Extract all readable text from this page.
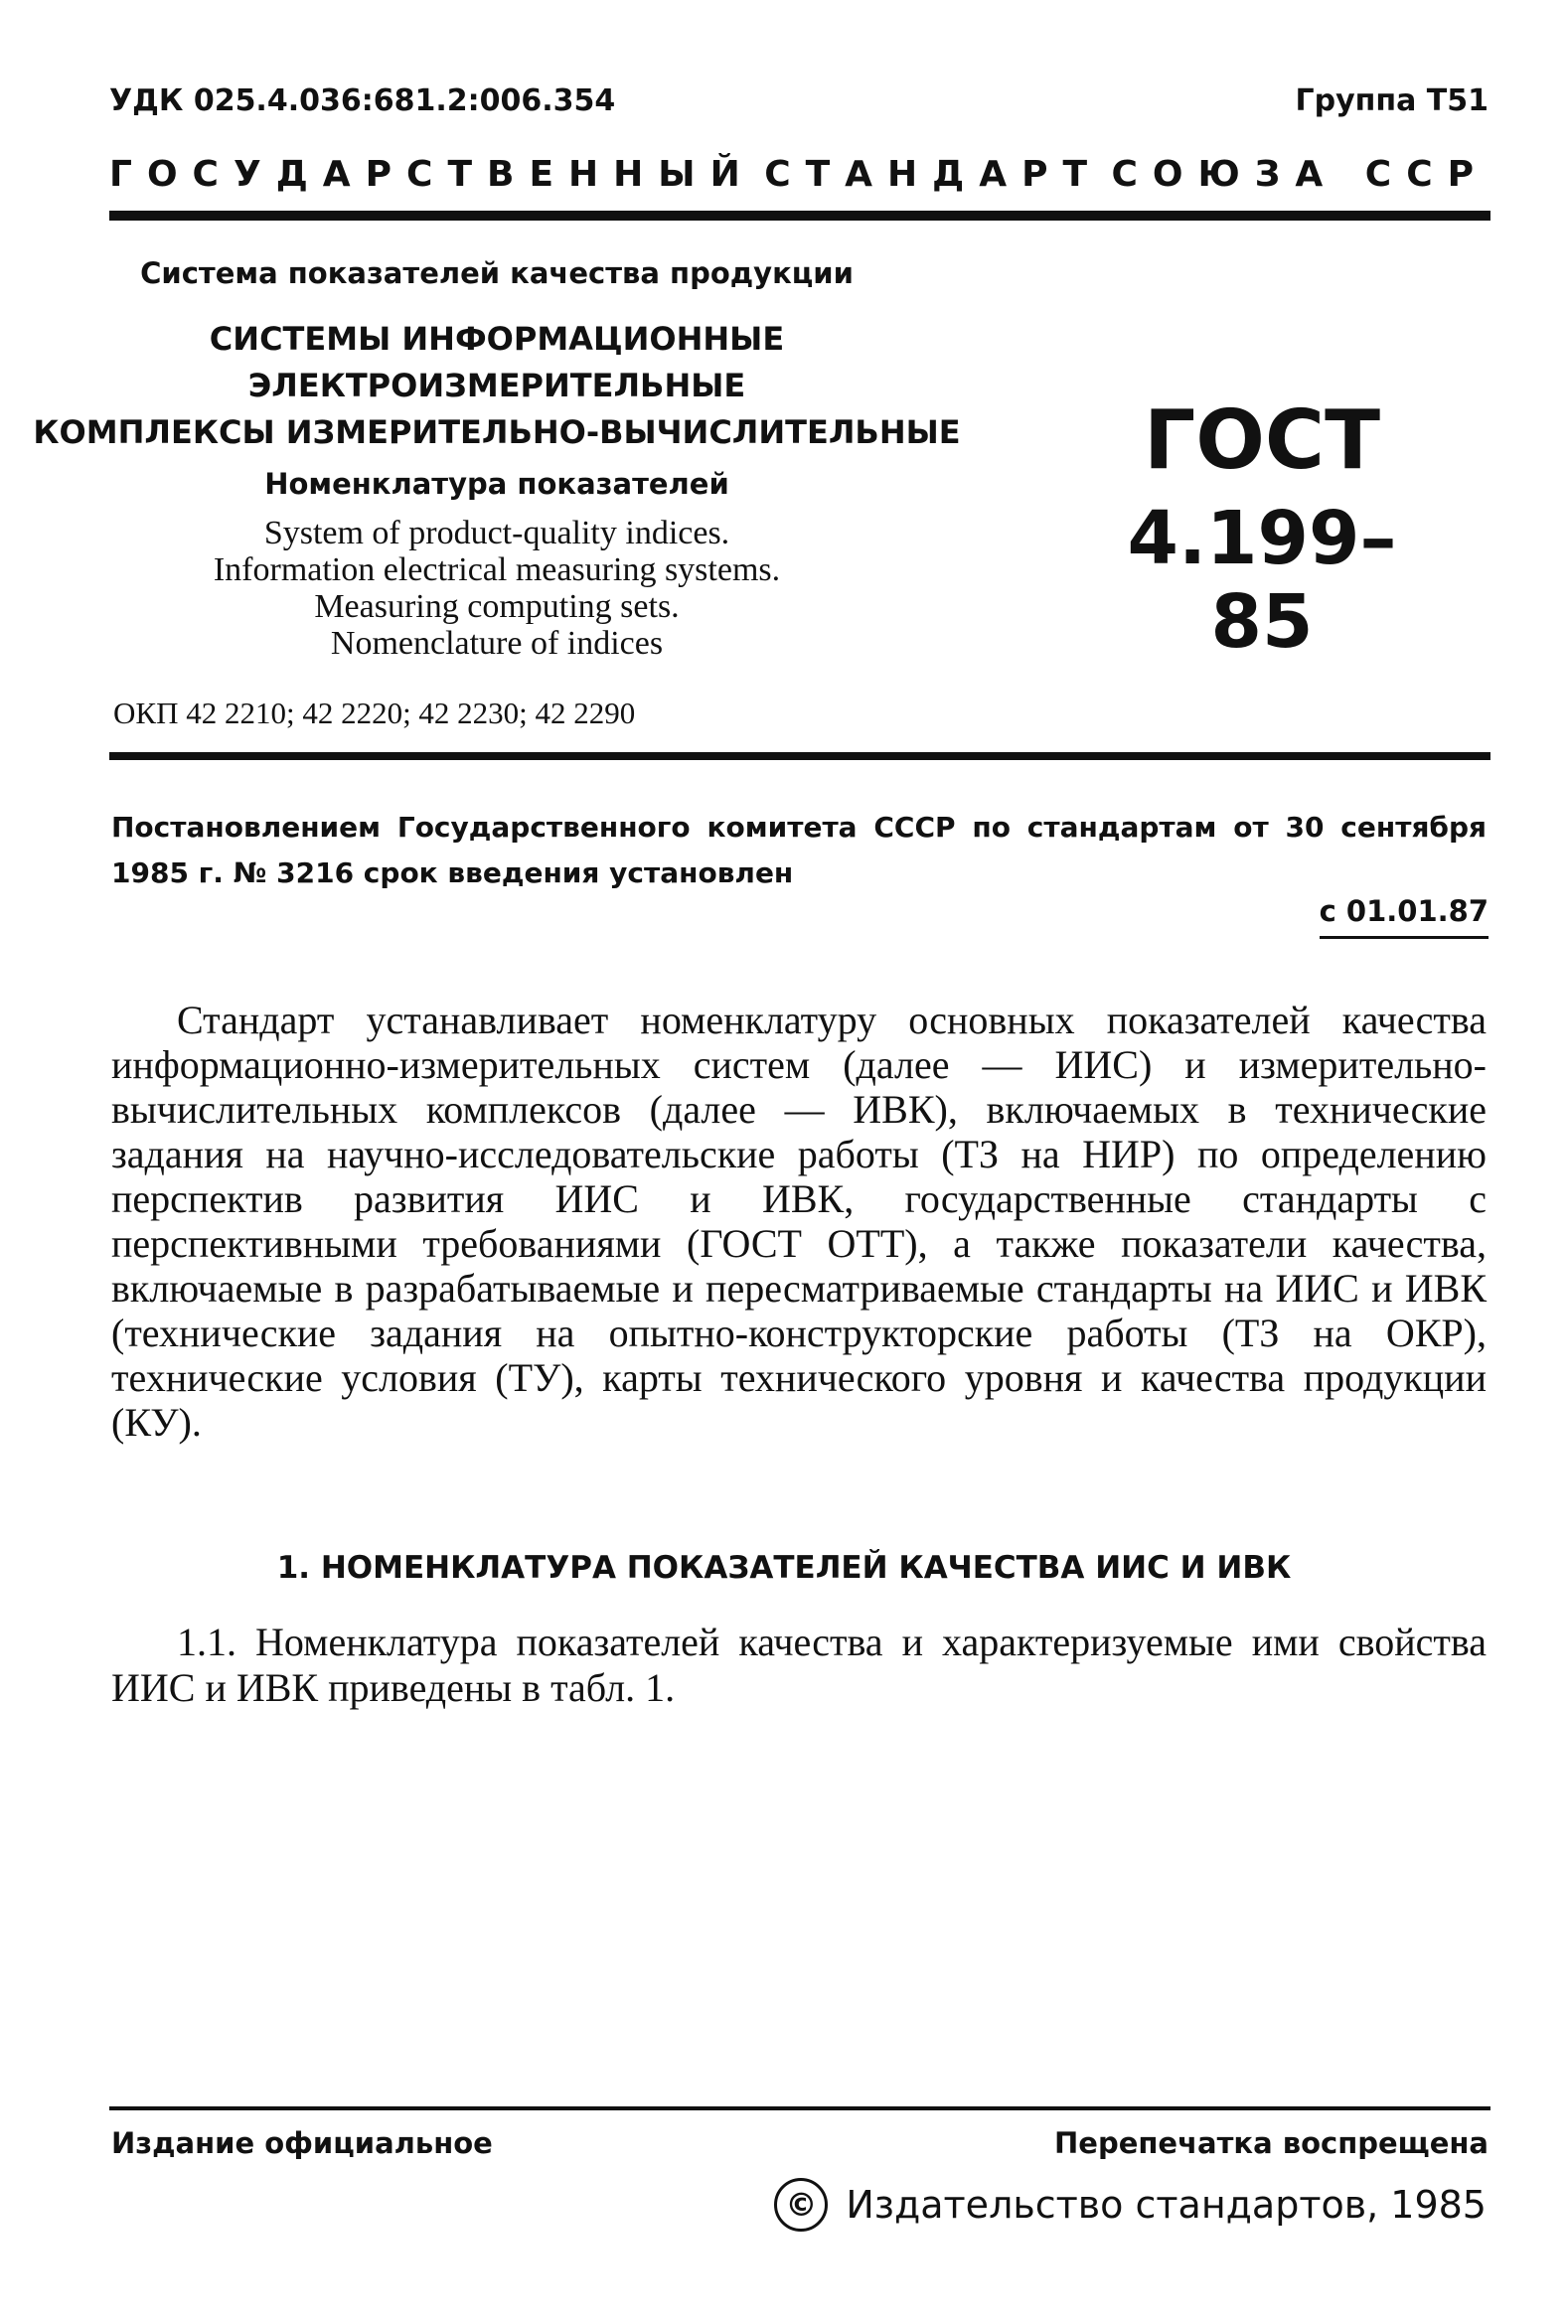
УДК 025.4.036:681.2:006.354	Группа Т51
ГОСУДАРСТВЕННЫЙ СТАНДАРТ СОЮЗА ССР
Система показателей качества продукции
СИСТЕМЫ ИНФОРМАЦИОННЫЕ
ЭЛЕКТРОИЗМЕРИТЕЛЬНЫЕ
КОМПЛЕКСЫ ИЗМЕРИТЕЛЬНО-ВЫЧИСЛИТЕЛЬНЫЕ
Номенклатура показателей
System of product-quality indices.
Information electrical measuring systems.
Measuring computing sets.
Nomenclature of indices
ГОСТ
4.199–85
ОКП 42 2210; 42 2220; 42 2230; 42 2290
Постановлением Государственного комитета СССР по стандартам от 30 сентября 1985 г. № 3216 срок введения установлен
с 01.01.87
Стандарт устанавливает номенклатуру основных показателей качества информационно-измерительных систем (далее — ИИС) и измерительно-вычислительных комплексов (далее — ИВК), включаемых в технические задания на научно-исследовательские работы (ТЗ на НИР) по определению перспектив развития ИИС и ИВК, государственные стандарты с перспективными требованиями (ГОСТ ОТТ), а также показатели качества, включаемые в разрабатываемые и пересматриваемые стандарты на ИИС и ИВК (технические задания на опытно-конструкторские работы (ТЗ на ОКР), технические условия (ТУ), карты технического уровня и качества продукции (КУ).
1. НОМЕНКЛАТУРА ПОКАЗАТЕЛЕЙ КАЧЕСТВА ИИС И ИВК
1.1. Номенклатура показателей качества и характеризуемые ими свойства ИИС и ИВК приведены в табл. 1.
Издание официальное	Перепечатка воспрещена
© Издательство стандартов, 1985
